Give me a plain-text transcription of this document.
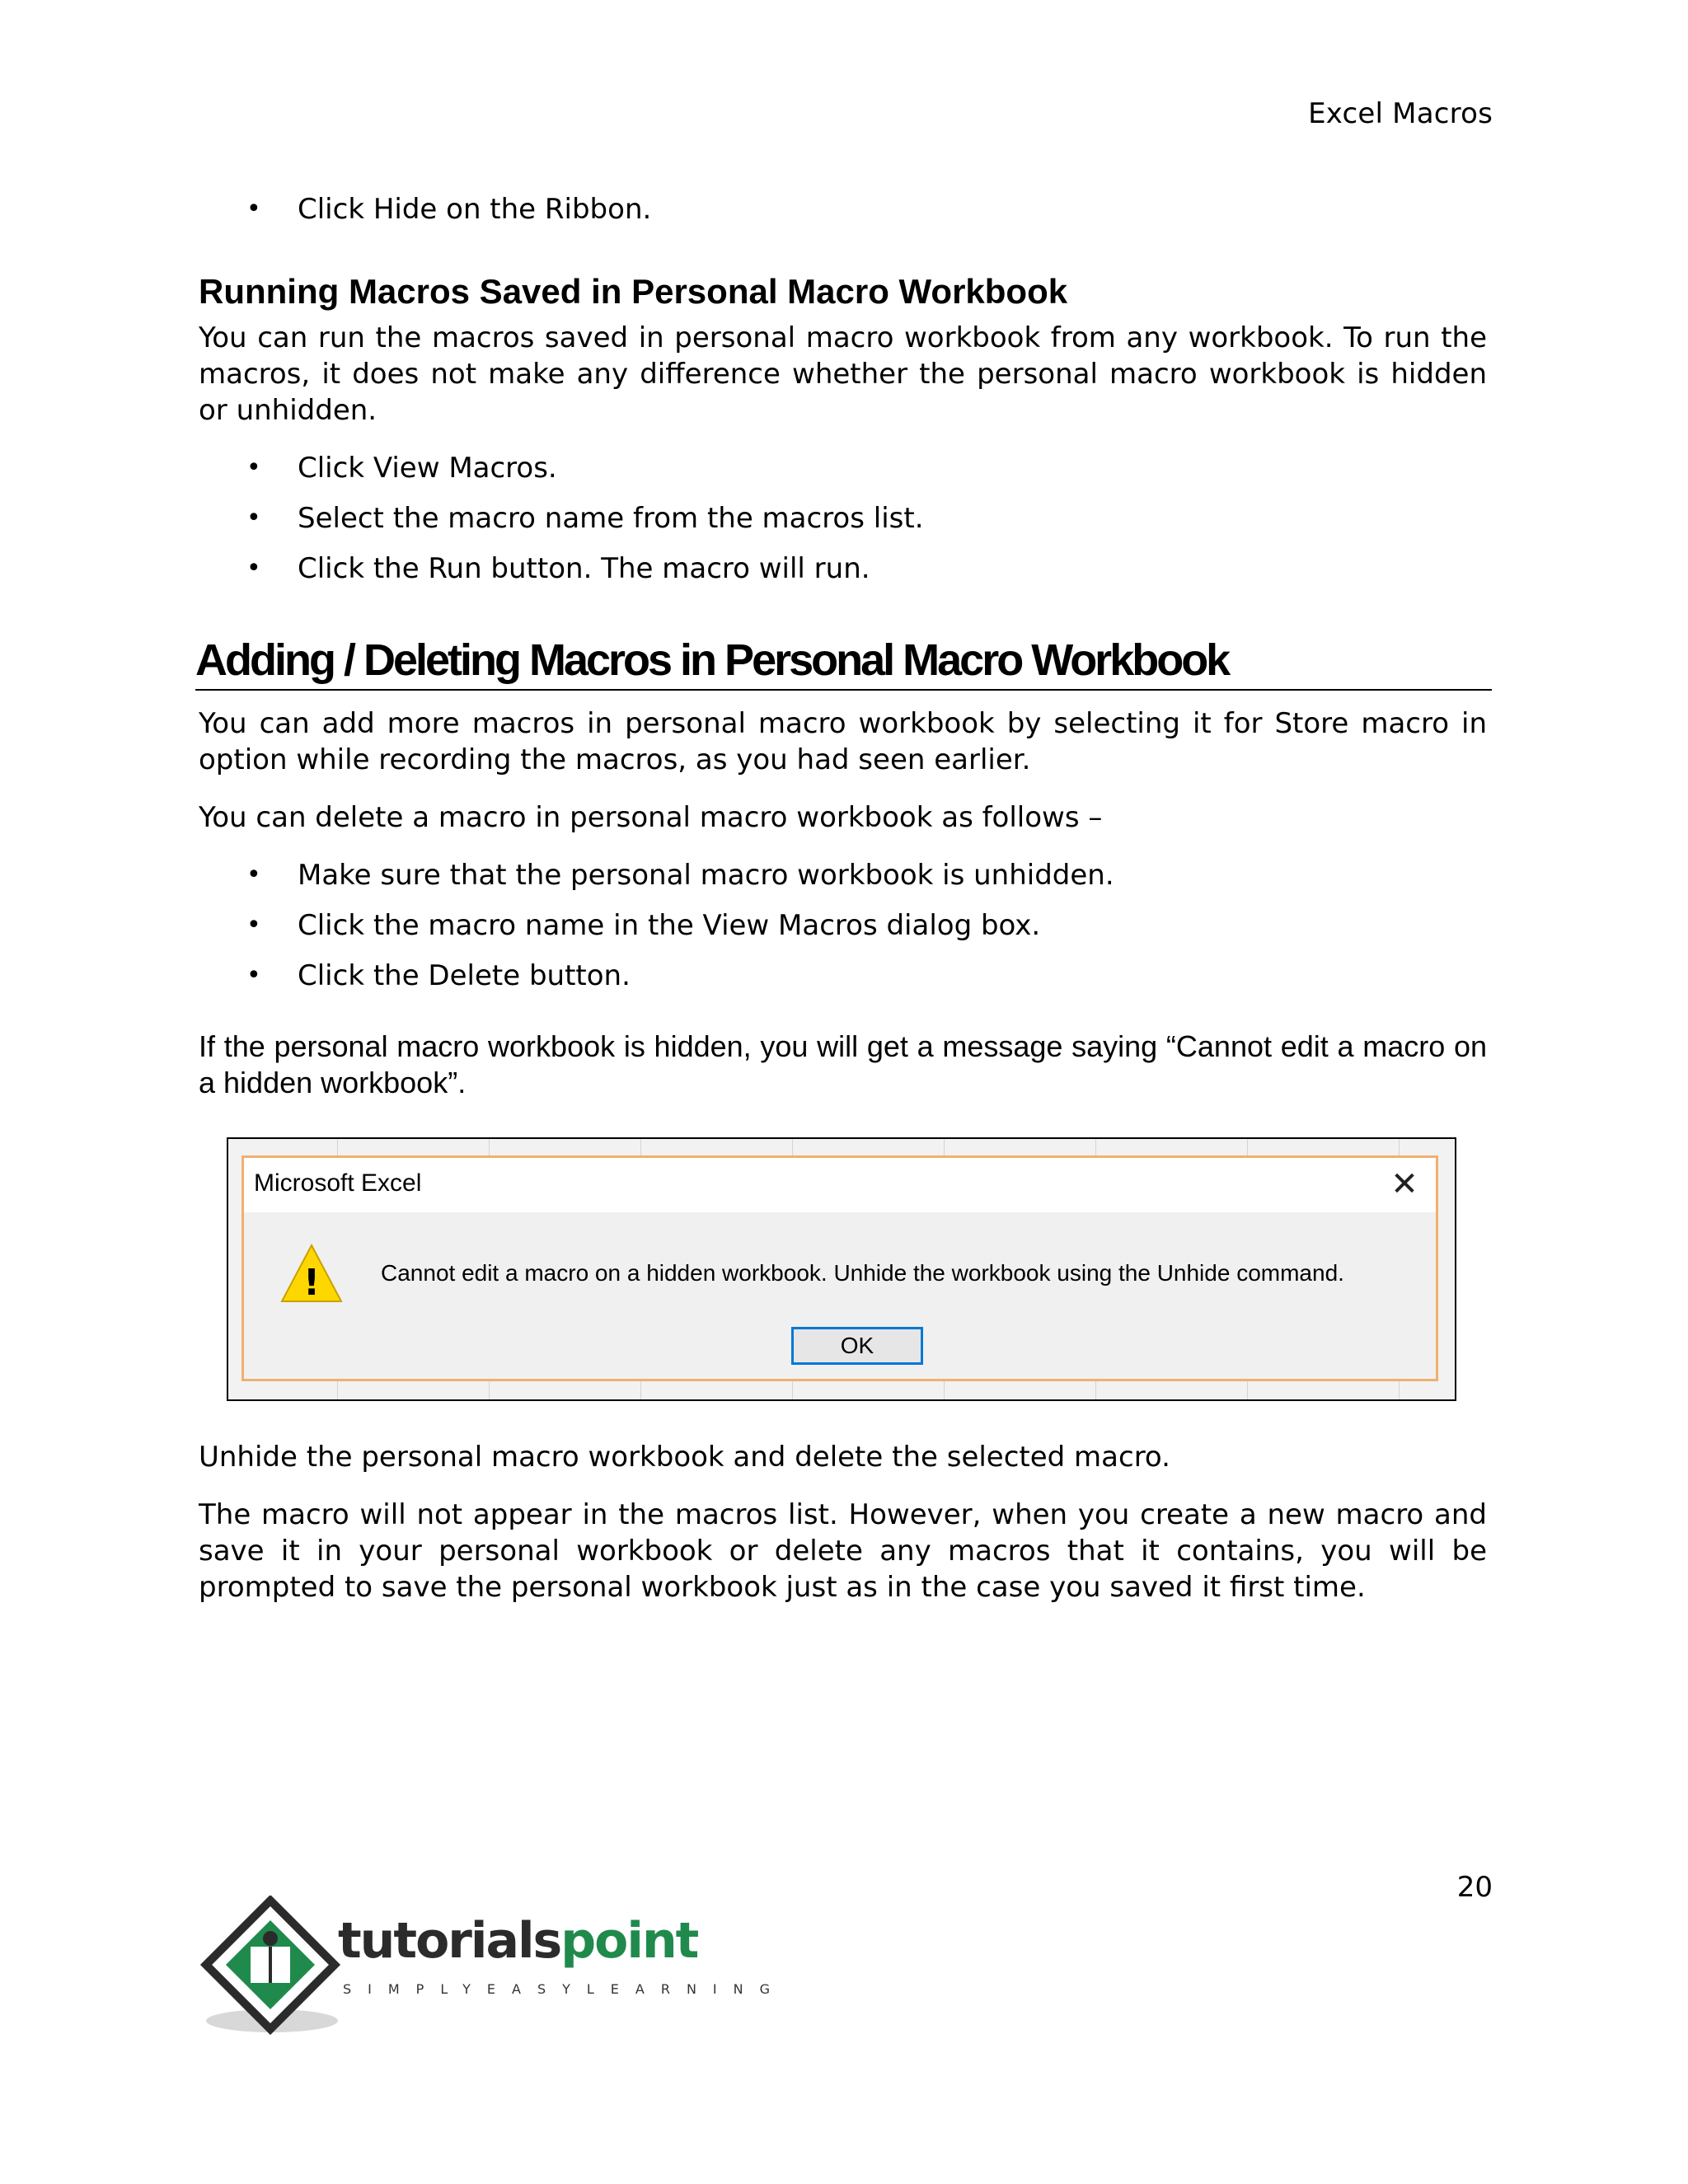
Excel Macros
• Click Hide on the Ribbon.
Running Macros Saved in Personal Macro Workbook

You can run the macros saved in personal macro workbook from any workbook. To run the macros, it does not make any difference whether the personal macro workbook is hidden or unhidden.

• Click View Macros.
• Select the macro name from the macros list.
• Click the Run button. The macro will run.
Adding / Deleting Macros in Personal Macro Workbook

You can add more macros in personal macro workbook by selecting it for Store macro in option while recording the macros, as you had seen earlier.

You can delete a macro in personal macro workbook as follows –

• Make sure that the personal macro workbook is unhidden.
• Click the macro name in the View Macros dialog box.
• Click the Delete button.

If the personal macro workbook is hidden, you will get a message saying “Cannot edit a macro on a hidden workbook”.

Microsoft Excel	✕
!	Cannot edit a macro on a hidden workbook. Unhide the workbook using the Unhide command.
OK

Unhide the personal macro workbook and delete the selected macro.

The macro will not appear in the macros list. However, when you create a new macro and save it in your personal workbook or delete any macros that it contains, you will be prompted to save the personal workbook just as in the case you saved it first time.

20
tutorialspoint
SIMPLYEASYLEARNING
